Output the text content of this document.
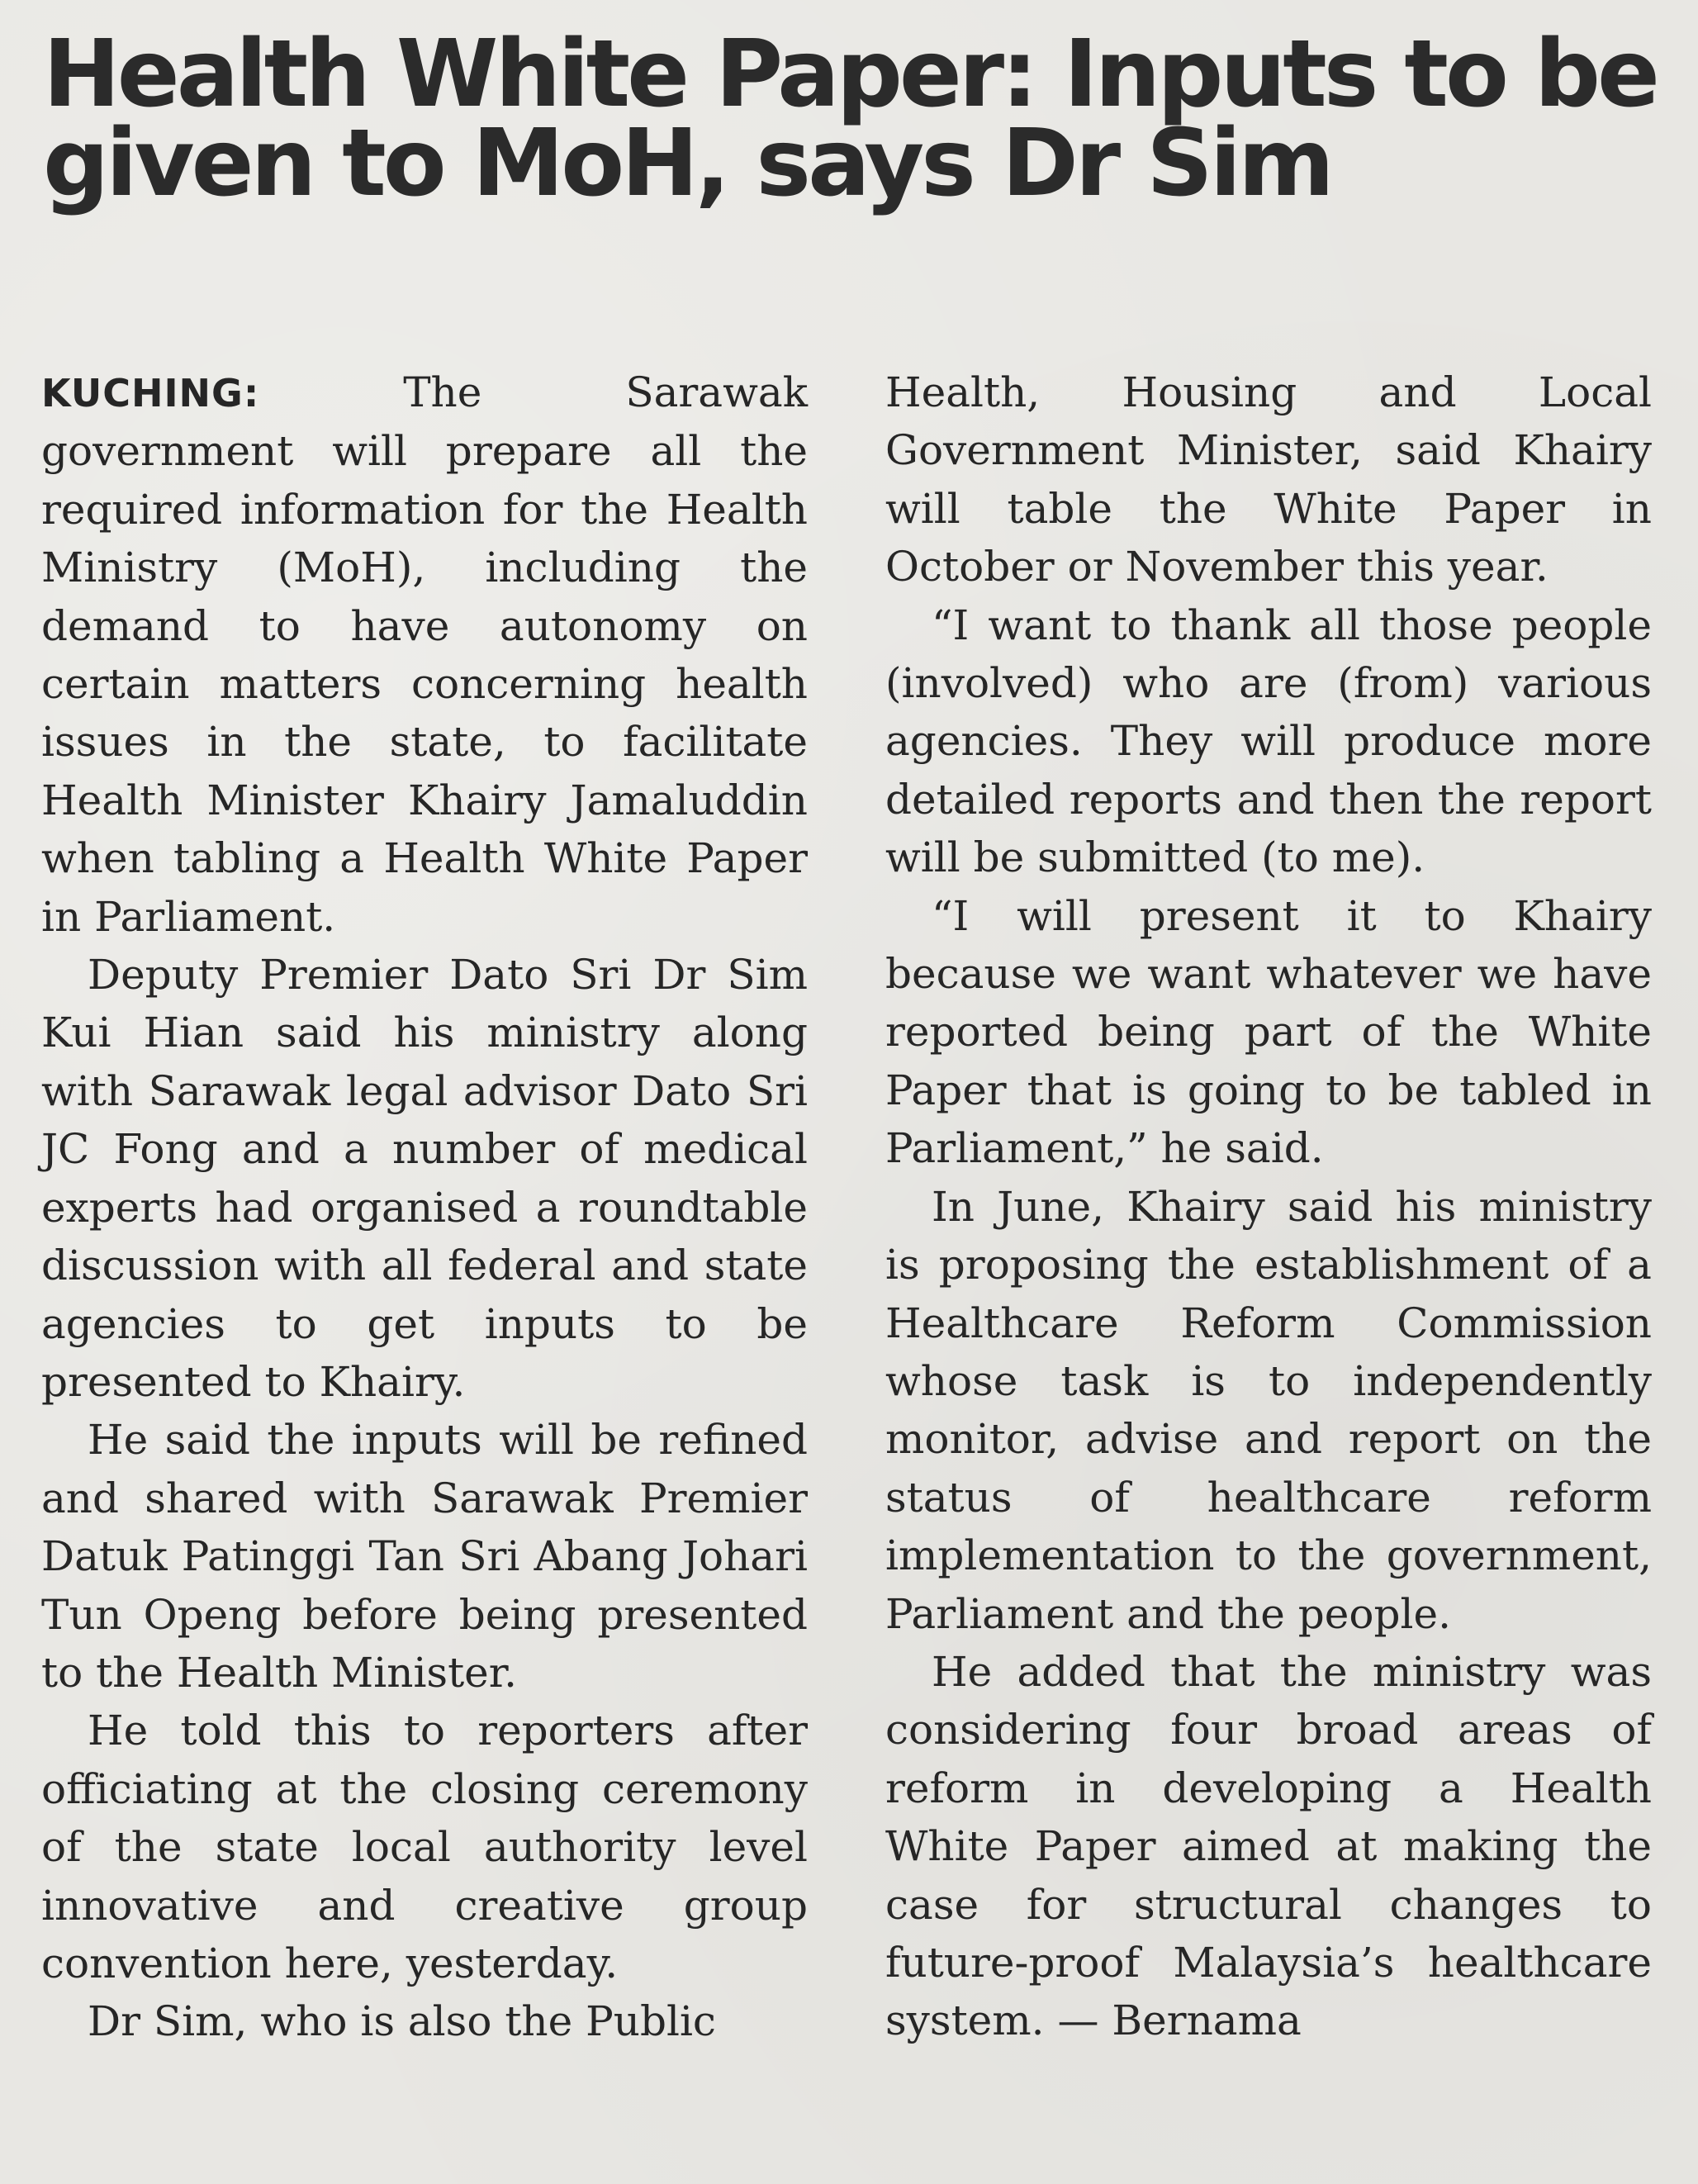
Health White Paper: Inputs to be given to MoH, says Dr Sim

KUCHING:	The Sarawak government will prepare all the required information for the Health Ministry (MoH), including the demand to have autonomy on certain matters concerning health issues in the state, to facilitate Health Minister Khairy Jamaluddin when tabling a Health White Paper in Parliament.

Deputy Premier Dato Sri Dr Sim Kui Hian said his ministry along with Sarawak legal advisor Dato Sri JC Fong and a number of medical experts had organised a roundtable discussion with all federal and state agencies to get inputs to be presented to Khairy.

He said the inputs will be refined and shared with Sarawak Premier Datuk Patinggi Tan Sri Abang Johari Tun Openg before being presented to the Health Minister.

He told this to reporters after officiating at the closing ceremony of the state local authority level innovative and creative group convention here, yesterday.

Dr Sim, who is also the Public

Health, Housing and Local Government Minister, said Khairy will table the White Paper in October or November this year.

“I want to thank all those people (involved) who are (from) various agencies. They will produce more detailed reports and then the report will be submitted (to me).

“I will present it to Khairy because we want whatever we have reported being part of the White Paper that is going to be tabled in Parliament,” he said.

In June, Khairy said his ministry is proposing the establishment of a Healthcare Reform Commission whose task is to independently monitor, advise and report on the status of healthcare reform implementation to the government, Parliament and the people.

He added that the ministry was considering four broad areas of reform in developing a Health White Paper aimed at making the case for structural changes to future-proof Malaysia’s healthcare system. — Bernama
